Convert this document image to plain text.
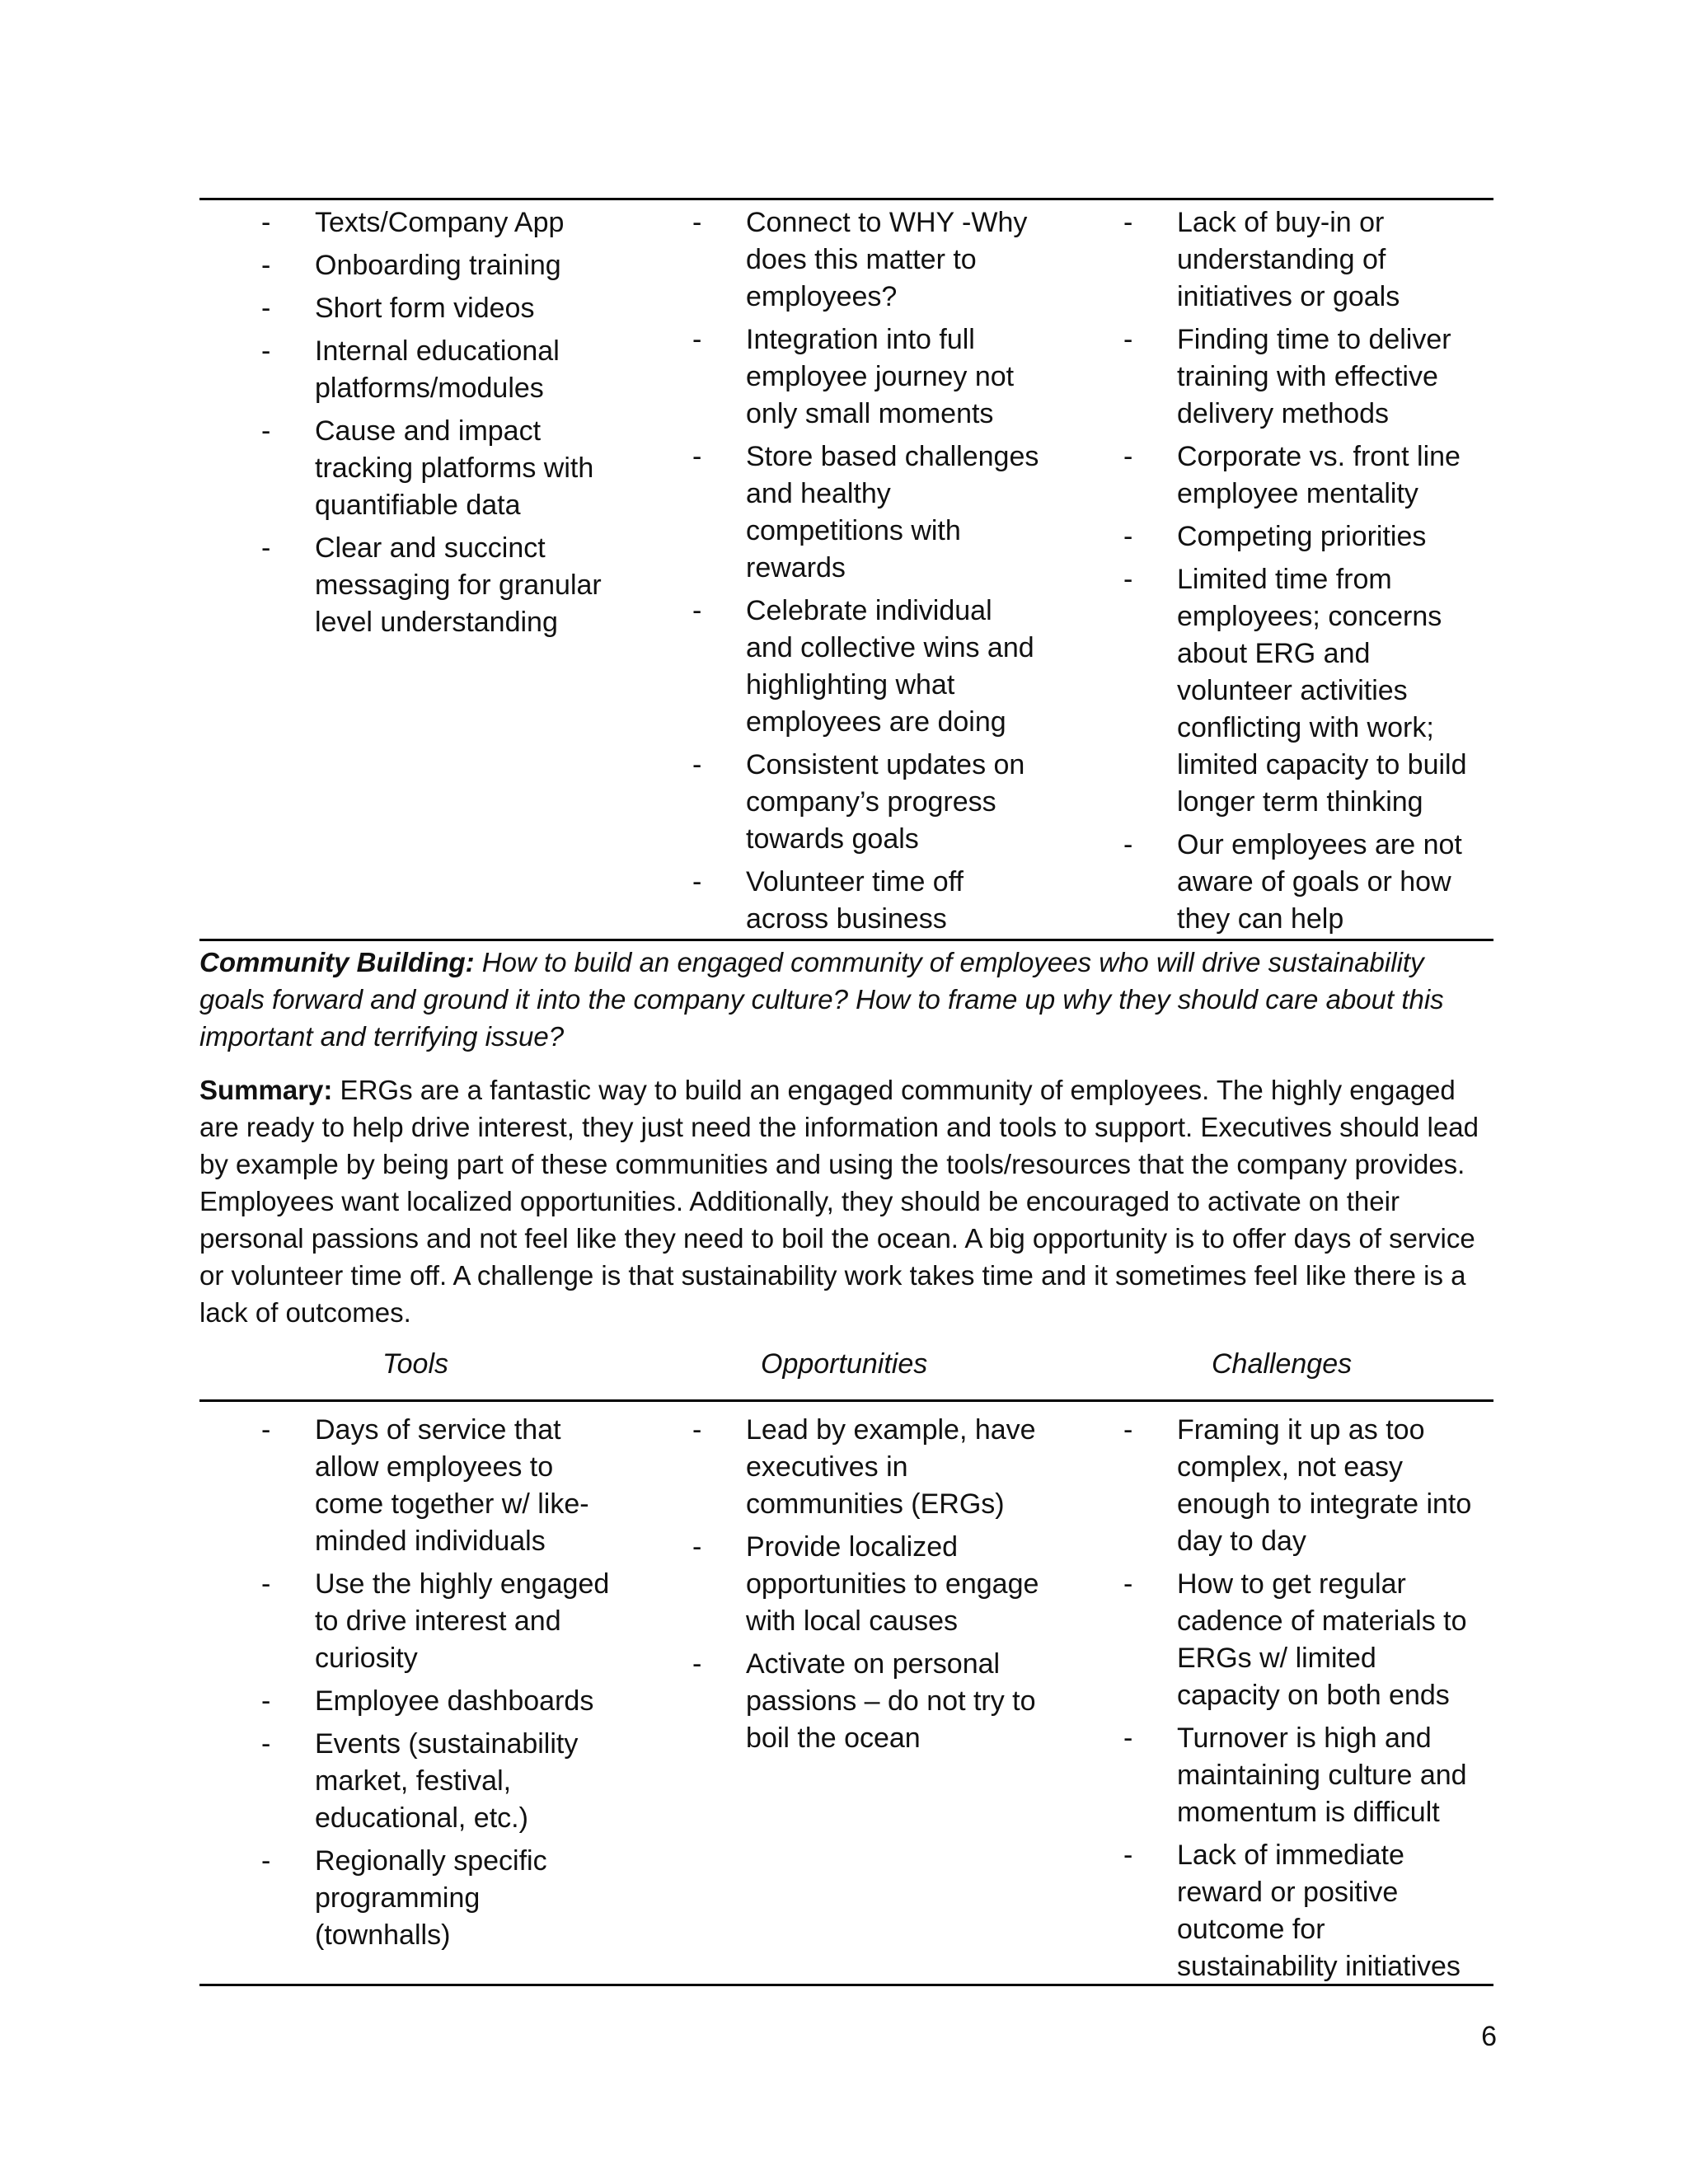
- Texts/Company App
- Onboarding training
- Short form videos
- Internal educational platforms/modules
- Cause and impact tracking platforms with quantifiable data
- Clear and succinct messaging for granular level understanding
- Connect to WHY -Why does this matter to employees?
- Integration into full employee journey not only small moments
- Store based challenges and healthy competitions with rewards
- Celebrate individual and collective wins and highlighting what employees are doing
- Consistent updates on company’s progress towards goals
- Volunteer time off across business
- Lack of buy-in or understanding of initiatives or goals
- Finding time to deliver training with effective delivery methods
- Corporate vs. front line employee mentality
- Competing priorities
- Limited time from employees; concerns about ERG and volunteer activities conflicting with work; limited capacity to build longer term thinking
- Our employees are not aware of goals or how they can help
Community Building: How to build an engaged community of employees who will drive sustainability goals forward and ground it into the company culture? How to frame up why they should care about this important and terrifying issue?
Summary: ERGs are a fantastic way to build an engaged community of employees. The highly engaged are ready to help drive interest, they just need the information and tools to support. Executives should lead by example by being part of these communities and using the tools/resources that the company provides. Employees want localized opportunities. Additionally, they should be encouraged to activate on their personal passions and not feel like they need to boil the ocean. A big opportunity is to offer days of service or volunteer time off. A challenge is that sustainability work takes time and it sometimes feel like there is a lack of outcomes.
Tools	Opportunities	Challenges
- Days of service that allow employees to come together w/ like-minded individuals
- Use the highly engaged to drive interest and curiosity
- Employee dashboards
- Events (sustainability market, festival, educational, etc.)
- Regionally specific programming (townhalls)
- Lead by example, have executives in communities (ERGs)
- Provide localized opportunities to engage with local causes
- Activate on personal passions – do not try to boil the ocean
- Framing it up as too complex, not easy enough to integrate into day to day
- How to get regular cadence of materials to ERGs w/ limited capacity on both ends
- Turnover is high and maintaining culture and momentum is difficult
- Lack of immediate reward or positive outcome for sustainability initiatives
6
